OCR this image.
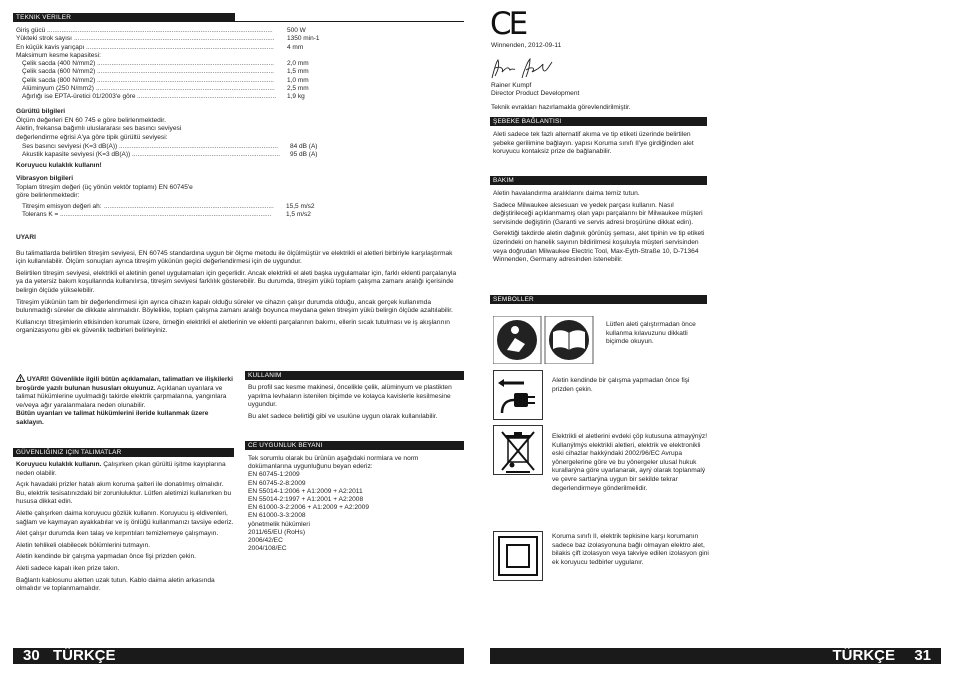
TEKNIK VERILER
Giriş gücü .............................................................................................................................	500 W
Yükteki strok sayısı ...............................................................................................................	1350 min-1
En küçük kavis yarıçapı ........................................................................................................	4 mm
Maksimum kesme kapasitesi:
Çelik sacda (400 N/mm2) ..................................................................................................	2,0 mm
Çelik sacda (600 N/mm2) ..................................................................................................	1,5 mm
Çelik sacda (800 N/mm2) ..................................................................................................	1,0 mm
Alüminyum (250 N/mm2) ...................................................................................................	2,5 mm
Ağırlığı ise EPTA-üretici 01/2003'e göre .............................................................................	1,9 kg
Gürültü bilgileri
Ölçüm değerleri EN 60 745 e göre belirlenmektedir.
Aletin, frekansa bağımlı uluslararası ses basıncı seviyesi
değerlendirme eğrisi A'ya göre tipik gürültü seviyesi:
Ses basıncı seviyesi (K=3 dB(A)) ........................................................................................	84 dB (A)
Akustik kapasite seviyesi (K=3 dB(A)) ..................................................................................	95 dB (A)
Koruyucu kulaklık kullanın!
Vibrasyon bilgileri
Toplam titreşim değeri (üç yönün vektör toplamı) EN 60745'e
göre belirlenmektedir:
Titreşim emisyon değeri ah: ..............................................................................................	15,5 m/s2
Tolerans K = .....................................................................................................................	1,5 m/s2

UYARI

Bu talimatlarda belirtilen titreşim seviyesi, EN 60745 standardına uygun bir ölçme metodu ile ölçülmüştür ve elektrikli el aletleri birbiriyle karşılaştırmak için kullanılabilir. Ölçüm sonuçları ayrıca titreşim yükünün geçici değerlendirmesi için de uygundur.

Belirtilen titreşim seviyesi, elektrikli el aletinin genel uygulamaları için geçerlidir. Ancak elektrikli el aleti başka uygulamalar için, farklı eklenti parçalarıyla ya da yetersiz bakım koşullarında kullanılırsa, titreşim seviyesi farklılık gösterebilir. Bu durumda, titreşim yükü toplam çalışma zamanı aralığı içerisinde belirgin ölçüde yükselebilir.

Titreşim yükünün tam bir değerlendirmesi için ayrıca cihazın kapalı olduğu süreler ve cihazın çalışır durumda olduğu, ancak gerçek kullanımda bulunmadığı süreler de dikkate alınmalıdır. Böylelikle, toplam çalışma zamanı aralığı boyunca meydana gelen titreşim yükü belirgin ölçüde azaltılabilir.

Kullanıcıyı titreşimlerin etkisinden korumak üzere, örneğin elektrikli el aletlerinin ve eklenti parçalarının bakımı, ellerin sıcak tutulması ve iş akışlarının organizasyonu gibi ek güvenlik tedbirleri belirleyiniz.

UYARI! Güvenlikle ilgili bütün açıklamaları, talimatları ve ilişkilerki broşürde yazılı bulunan hususları okuyunuz. Açıklanan uyarılara ve talimat hükümlerine uyulmadığı takirde elektrik çarpmalarına, yangınlara ve/veya ağır yaralanmalara neden olunabilir.
Bütün uyarıları ve talimat hükümlerini ileride kullanmak üzere saklayın.
GÜVENLIĞINIZ IÇIN TALIMATLAR

Koruyucu kulaklık kullanın. Çalışırken çıkan gürültü işitme kayıplarına neden olabilir.

Açık havadaki prizler hatalı akım koruma şalteri ile donatılmış olmalıdır. Bu, elektrik tesisatınızdaki bir zorunluluktur. Lütfen aletimizi kullanırken bu hususa dikkat edin.

Aletle çalışırken daima koruyucu gözlük kullanın. Koruyucu iş eldivenleri, sağlam ve kaymayan ayakkabılar ve iş önlüğü kullanmanızı tavsiye ederiz.

Alet çalışır durumda iken talaş ve kırpıntıları temizlemeye çalışmayın.

Aletin tehlikeli olabilecek bölümlerini tutmayın.

Aletin kendinde bir çalışma yapmadan önce fişi prizden çekin.

Aleti sadece kapalı iken prize takın.

Bağlantı kablosunu aletten uzak tutun. Kablo daima aletin arkasında olmalıdır ve toplanmamalıdır.

KULLANIM

Bu profil sac kesme makinesi, öncelikle çelik, alüminyum ve plastikten yapılma levhaların istenilen biçimde ve kolayca kavislerle kesilmesine uygundur.

Bu alet sadece belirtiği gibi ve usulüne uygun olarak kullanılabilir.

CE UYGUNLUK BEYANI
Tek sorumlu olarak bu ürünün aşağıdaki normlara ve norm dokümanlarına uygunluğunu beyan ederiz:
EN 60745-1:2009
EN 60745-2-8:2009
EN 55014-1:2006 + A1:2009 + A2:2011
EN 55014-2:1997 + A1:2001 + A2:2008
EN 61000-3-2:2006 + A1:2009 + A2:2009
EN 61000-3-3:2008
yönetmelik hükümleri
2011/65/EU (RoHs)
2006/42/EC
2004/108/EC
30 TÜRKÇE
CE
Winnenden, 2012-09-11
Rainer Kumpf
Director Product Development
Teknik evrakları hazırlamakla görevlendirilmiştir.
ŞEBEKE BAĞLANTISI
Aleti sadece tek fazlı alternatif akıma ve tip etiketi üzerinde belirtilen şebeke gerilimine bağlayın. yapısı Koruma sınıfı II'ye girdiğinden alet koruyucu kontaksiz prize de bağlanabilir.
BAKIM

Aletin havalandırma aralıklarını daima temiz tutun.

Sadece Milwaukee aksesuarı ve yedek parçası kullanın. Nasıl değiştirileceği açıklanmamış olan yapı parçalarını bir Milwaukee müşteri servisinde değiştirin (Garanti ve servis adresi broşürüne dikkat edin).

Gerektiği takdirde aletin dağınık görünüş şeması, alet tipinin ve tip etiketi üzerindeki on hanelik sayının bildirilmesi koşuluyla müşteri servisinden veya doğrudan Milwaukee Electric Tool, Max-Eyth-Straße 10, D-71364 Winnenden, Germany adresinden istenebilir.

SEMBOLLER
Lütfen aleti çalıştırmadan önce kullanma kılavuzunu dikkatli biçimde okuyun.
Aletin kendinde bir çalışma yapmadan önce fişi prizden çekin.
Elektrikli el aletlerini evdeki çöp kutusuna atmayýnýz! Kullanýlmýs elektrikli aletleri, elektrik ve elektronikli eski cihazlar hakkýndaki 2002/96/EC Avrupa yönergelerine göre ve bu yönergeler ulusal hukuk kurallarýna göre uyarlanarak, ayrý olarak toplanmalý ve çevre sartlarýna uygun bir sekilde tekrar degerlendirmeye gönderilmelidir.
Koruma sınıfı II, elektrik tepkisine karşı korumanın sadece baz izolasyonuna bağlı olmayan elektro alet, bilakis çift izolasyon veya takviye edilen izolasyon gini ek koruyucu tedbirler uygulanır.
TÜRKÇE 31
